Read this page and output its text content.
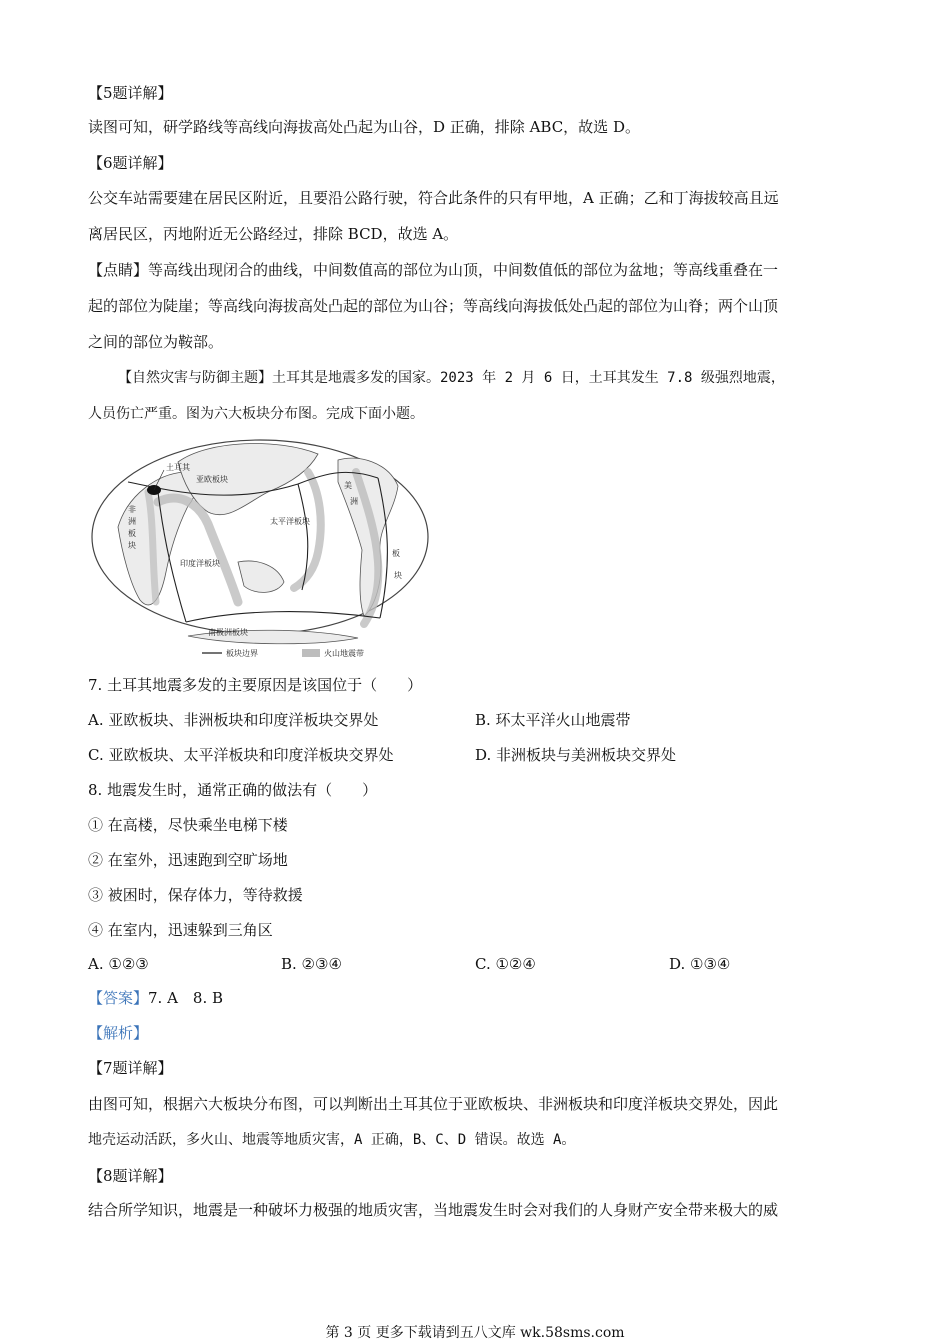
【5题详解】
读图可知，研学路线等高线向海拔高处凸起为山谷，D 正确，排除 ABC，故选 D。
【6题详解】
公交车站需要建在居民区附近，且要沿公路行驶，符合此条件的只有甲地，A 正确；乙和丁海拔较高且远
离居民区，丙地附近无公路经过，排除 BCD，故选 A。
【点睛】等高线出现闭合的曲线，中间数值高的部位为山顶，中间数值低的部位为盆地；等高线重叠在一
起的部位为陡崖；等高线向海拔高处凸起的部位为山谷；等高线向海拔低处凸起的部位为山脊；两个山顶
之间的部位为鞍部。
【自然灾害与防御主题】土耳其是地震多发的国家。2023 年 2 月 6 日，土耳其发生 7.8 级强烈地震，
人员伤亡严重。图为六大板块分布图。完成下面小题。
土耳其
亚欧板块
非
洲
板
块
太平洋板块
美
洲
板
块
印度洋板块
南极洲板块
板块边界	火山地震带
7. 土耳其地震多发的主要原因是该国位于（　　）
A. 亚欧板块、非洲板块和印度洋板块交界处	B. 环太平洋火山地震带
C. 亚欧板块、太平洋板块和印度洋板块交界处	D. 非洲板块与美洲板块交界处
8. 地震发生时，通常正确的做法有（　　）
① 在高楼，尽快乘坐电梯下楼
② 在室外，迅速跑到空旷场地
③ 被困时，保存体力，等待救援
④ 在室内，迅速躲到三角区
A. ①②③	B. ②③④	C. ①②④	D. ①③④
【答案】7. A　8. B
【解析】
【7题详解】
由图可知，根据六大板块分布图，可以判断出土耳其位于亚欧板块、非洲板块和印度洋板块交界处，因此
地壳运动活跃，多火山、地震等地质灾害，A 正确，B、C、D 错误。故选 A。
【8题详解】
结合所学知识，地震是一种破坏力极强的地质灾害，当地震发生时会对我们的人身财产安全带来极大的威
第 3 页 更多下载请到五八文库 wk.58sms.com
